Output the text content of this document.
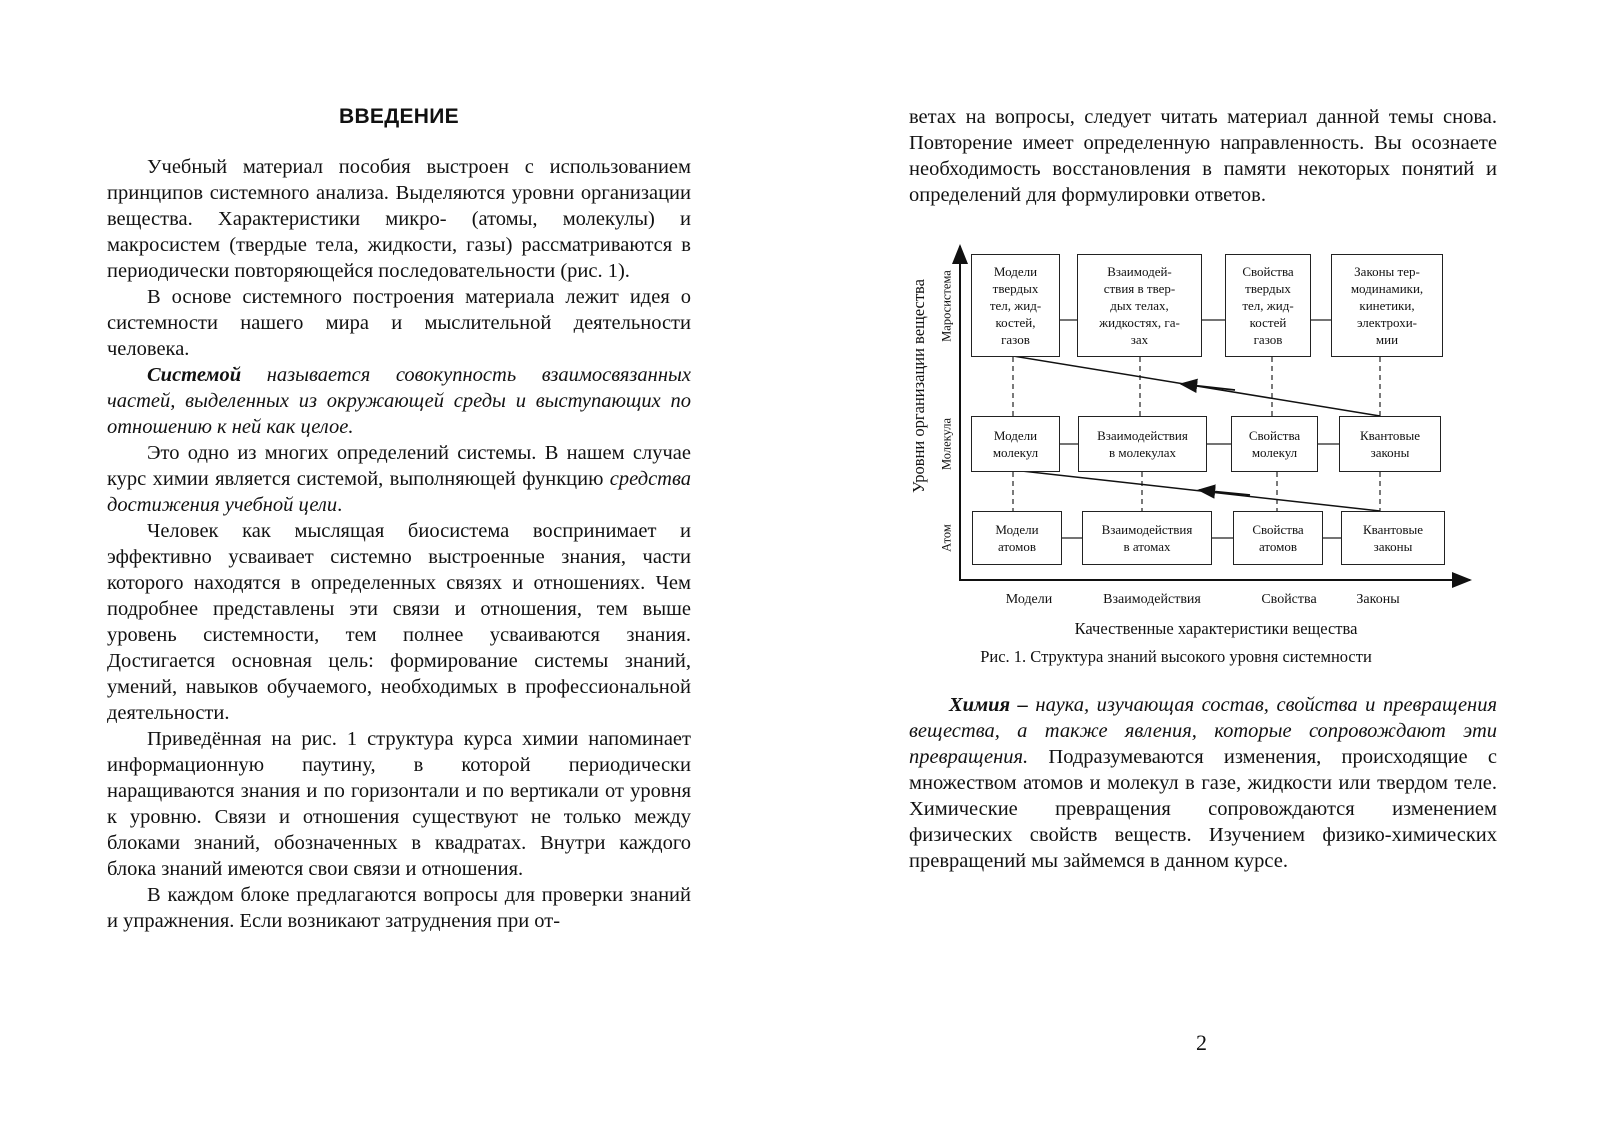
ВВЕДЕНИЕ

Учебный материал пособия выстроен с использованием принципов системного анализа. Выделяются уровни организации вещества. Характеристики микро- (атомы, молекулы) и макросистем (твердые тела, жидкости, газы) рассматриваются в периодически повторяющейся последовательности (рис. 1).

В основе системного построения материала лежит идея о системности нашего мира и мыслительной деятельности человека.

Системой называется совокупность взаимосвязанных частей, выделенных из окружающей среды и выступающих по отношению к ней как целое.

Это одно из многих определений системы. В нашем случае курс химии является системой, выполняющей функцию средства достижения учебной цели.

Человек как мыслящая биосистема воспринимает и эффективно усваивает системно выстроенные знания, части которого находятся в определенных связях и отношениях. Чем подробнее представлены эти связи и отношения, тем выше уровень системности, тем полнее усваиваются знания. Достигается основная цель: формирование системы знаний, умений, навыков обучаемого, необходимых в профессиональной деятельности.

Приведённая на рис. 1 структура курса химии напоминает информационную паутину, в которой периодически наращиваются знания и по горизонтали и по вертикали от уровня к уровню. Связи и отношения существуют не только между блоками знаний, обозначенных в квадратах. Внутри каждого блока знаний имеются свои связи и отношения.

В каждом блоке предлагаются вопросы для проверки знаний и упражнения. Если возникают затруднения при от-

ветах на вопросы, следует читать материал данной темы снова. Повторение имеет определенную направленность. Вы осознаете необходимость восстановления в памяти некоторых понятий и определений для формулировки ответов.

Модели
твердых
тел, жид-
костей,
газов
Взаимодей-
ствия в твер-
дых телах,
жидкостях, га-
зах
Свойства
твердых
тел, жид-
костей
газов
Законы тер-
модинамики,
кинетики,
электрохи-
мии
Модели
молекул
Взаимодействия
в молекулах
Свойства
молекул
Квантовые
законы
Модели
атомов
Взаимодействия
в атомах
Свойства
атомов
Квантовые
законы
Уровни организации вещества Маросистема
Молекула
Атом
Модели	Взаимодействия	Свойства	Законы
Качественные характеристики вещества
Рис. 1. Структура знаний высокого уровня системности

Химия – наука, изучающая состав, свойства и превращения вещества, а также явления, которые сопровождают эти превращения. Подразумеваются изменения, происходящие с множеством атомов и молекул в газе, жидкости или твердом теле. Химические превращения сопровождаются изменением физических свойств веществ. Изучением физико-химических превращений мы займемся в данном курсе.

2
